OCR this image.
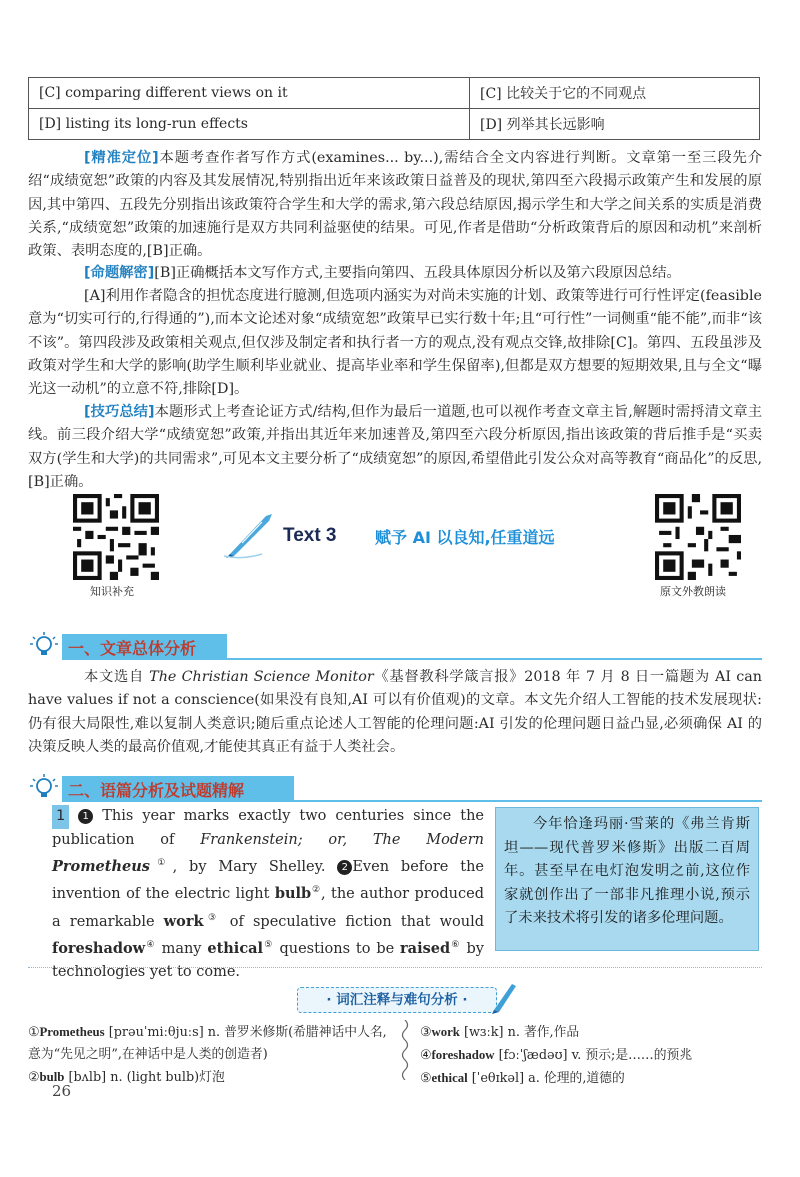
[C] comparing different views on it	[C] 比较关于它的不同观点
[D] listing its long-run effects	[D] 列举其长远影响

[精准定位]本题考查作者写作方式(examines... by...),需结合全文内容进行判断。文章第一至三段先介绍“成绩宽恕”政策的内容及其发展情况,特别指出近年来该政策日益普及的现状,第四至六段揭示政策产生和发展的原因,其中第四、五段先分别指出该政策符合学生和大学的需求,第六段总结原因,揭示学生和大学之间关系的实质是消费关系,“成绩宽恕”政策的加速施行是双方共同利益驱使的结果。可见,作者是借助“分析政策背后的原因和动机”来剖析政策、表明态度的,[B]正确。

[命题解密][B]正确概括本文写作方式,主要指向第四、五段具体原因分析以及第六段原因总结。

[A]利用作者隐含的担忧态度进行臆测,但选项内涵实为对尚未实施的计划、政策等进行可行性评定(feasible 意为“切实可行的,行得通的”),而本文论述对象“成绩宽恕”政策早已实行数十年;且“可行性”一词侧重“能不能”,而非“该不该”。第四段涉及政策相关观点,但仅涉及制定者和执行者一方的观点,没有观点交锋,故排除[C]。第四、五段虽涉及政策对学生和大学的影响(助学生顺利毕业就业、提高毕业率和学生保留率),但都是双方想要的短期效果,且与全文“曝光这一动机”的立意不符,排除[D]。

[技巧总结]本题形式上考查论证方式/结构,但作为最后一道题,也可以视作考查文章主旨,解题时需捋清文章主线。前三段介绍大学“成绩宽恕”政策,并指出其近年来加速普及,第四至六段分析原因,指出该政策的背后推手是“买卖双方(学生和大学)的共同需求”,可见本文主要分析了“成绩宽恕”的原因,希望借此引发公众对高等教育“商品化”的反思,[B]正确。

知识补充	原文外教朗读
Text 3 赋予 AI 以良知,任重道远
一、文章总体分析

本文选自 The Christian Science Monitor《基督教科学箴言报》2018 年 7 月 8 日一篇题为 AI can have values if not a conscience(如果没有良知,AI 可以有价值观)的文章。本文先介绍人工智能的技术发展现状:仍有很大局限性,难以复制人类意识;随后重点论述人工智能的伦理问题:AI 引发的伦理问题日益凸显,必须确保 AI 的决策反映人类的最高价值观,才能使其真正有益于人类社会。

二、语篇分析及试题精解

1 1 This year marks exactly two centuries since the publication of Frankenstein; or, The Modern Prometheus①, by Mary Shelley. 2 Even before the invention of the electric light bulb②, the author produced a remarkable work③ of speculative fiction that would foreshadow④ many ethical⑤ questions to be raised⑥ by technologies yet to come.

今年恰逢玛丽·雪莱的《弗兰肯斯坦——现代普罗米修斯》出版二百周年。甚至早在电灯泡发明之前,这位作家就创作出了一部非凡推理小说,预示了未来技术将引发的诸多伦理问题。

· 词汇注释与难句分析 ·
①Prometheus [prəuˈmiːθjuːs] n. 普罗米修斯(希腊神话中人名,意为“先见之明”,在神话中是人类的创造者)
②bulb [bʌlb] n. (light bulb)灯泡
③work [wɜːk] n. 著作,作品
④foreshadow [fɔːˈʃædəʊ] v. 预示;是……的预兆
⑤ethical [ˈeθɪkəl] a. 伦理的,道德的
26
